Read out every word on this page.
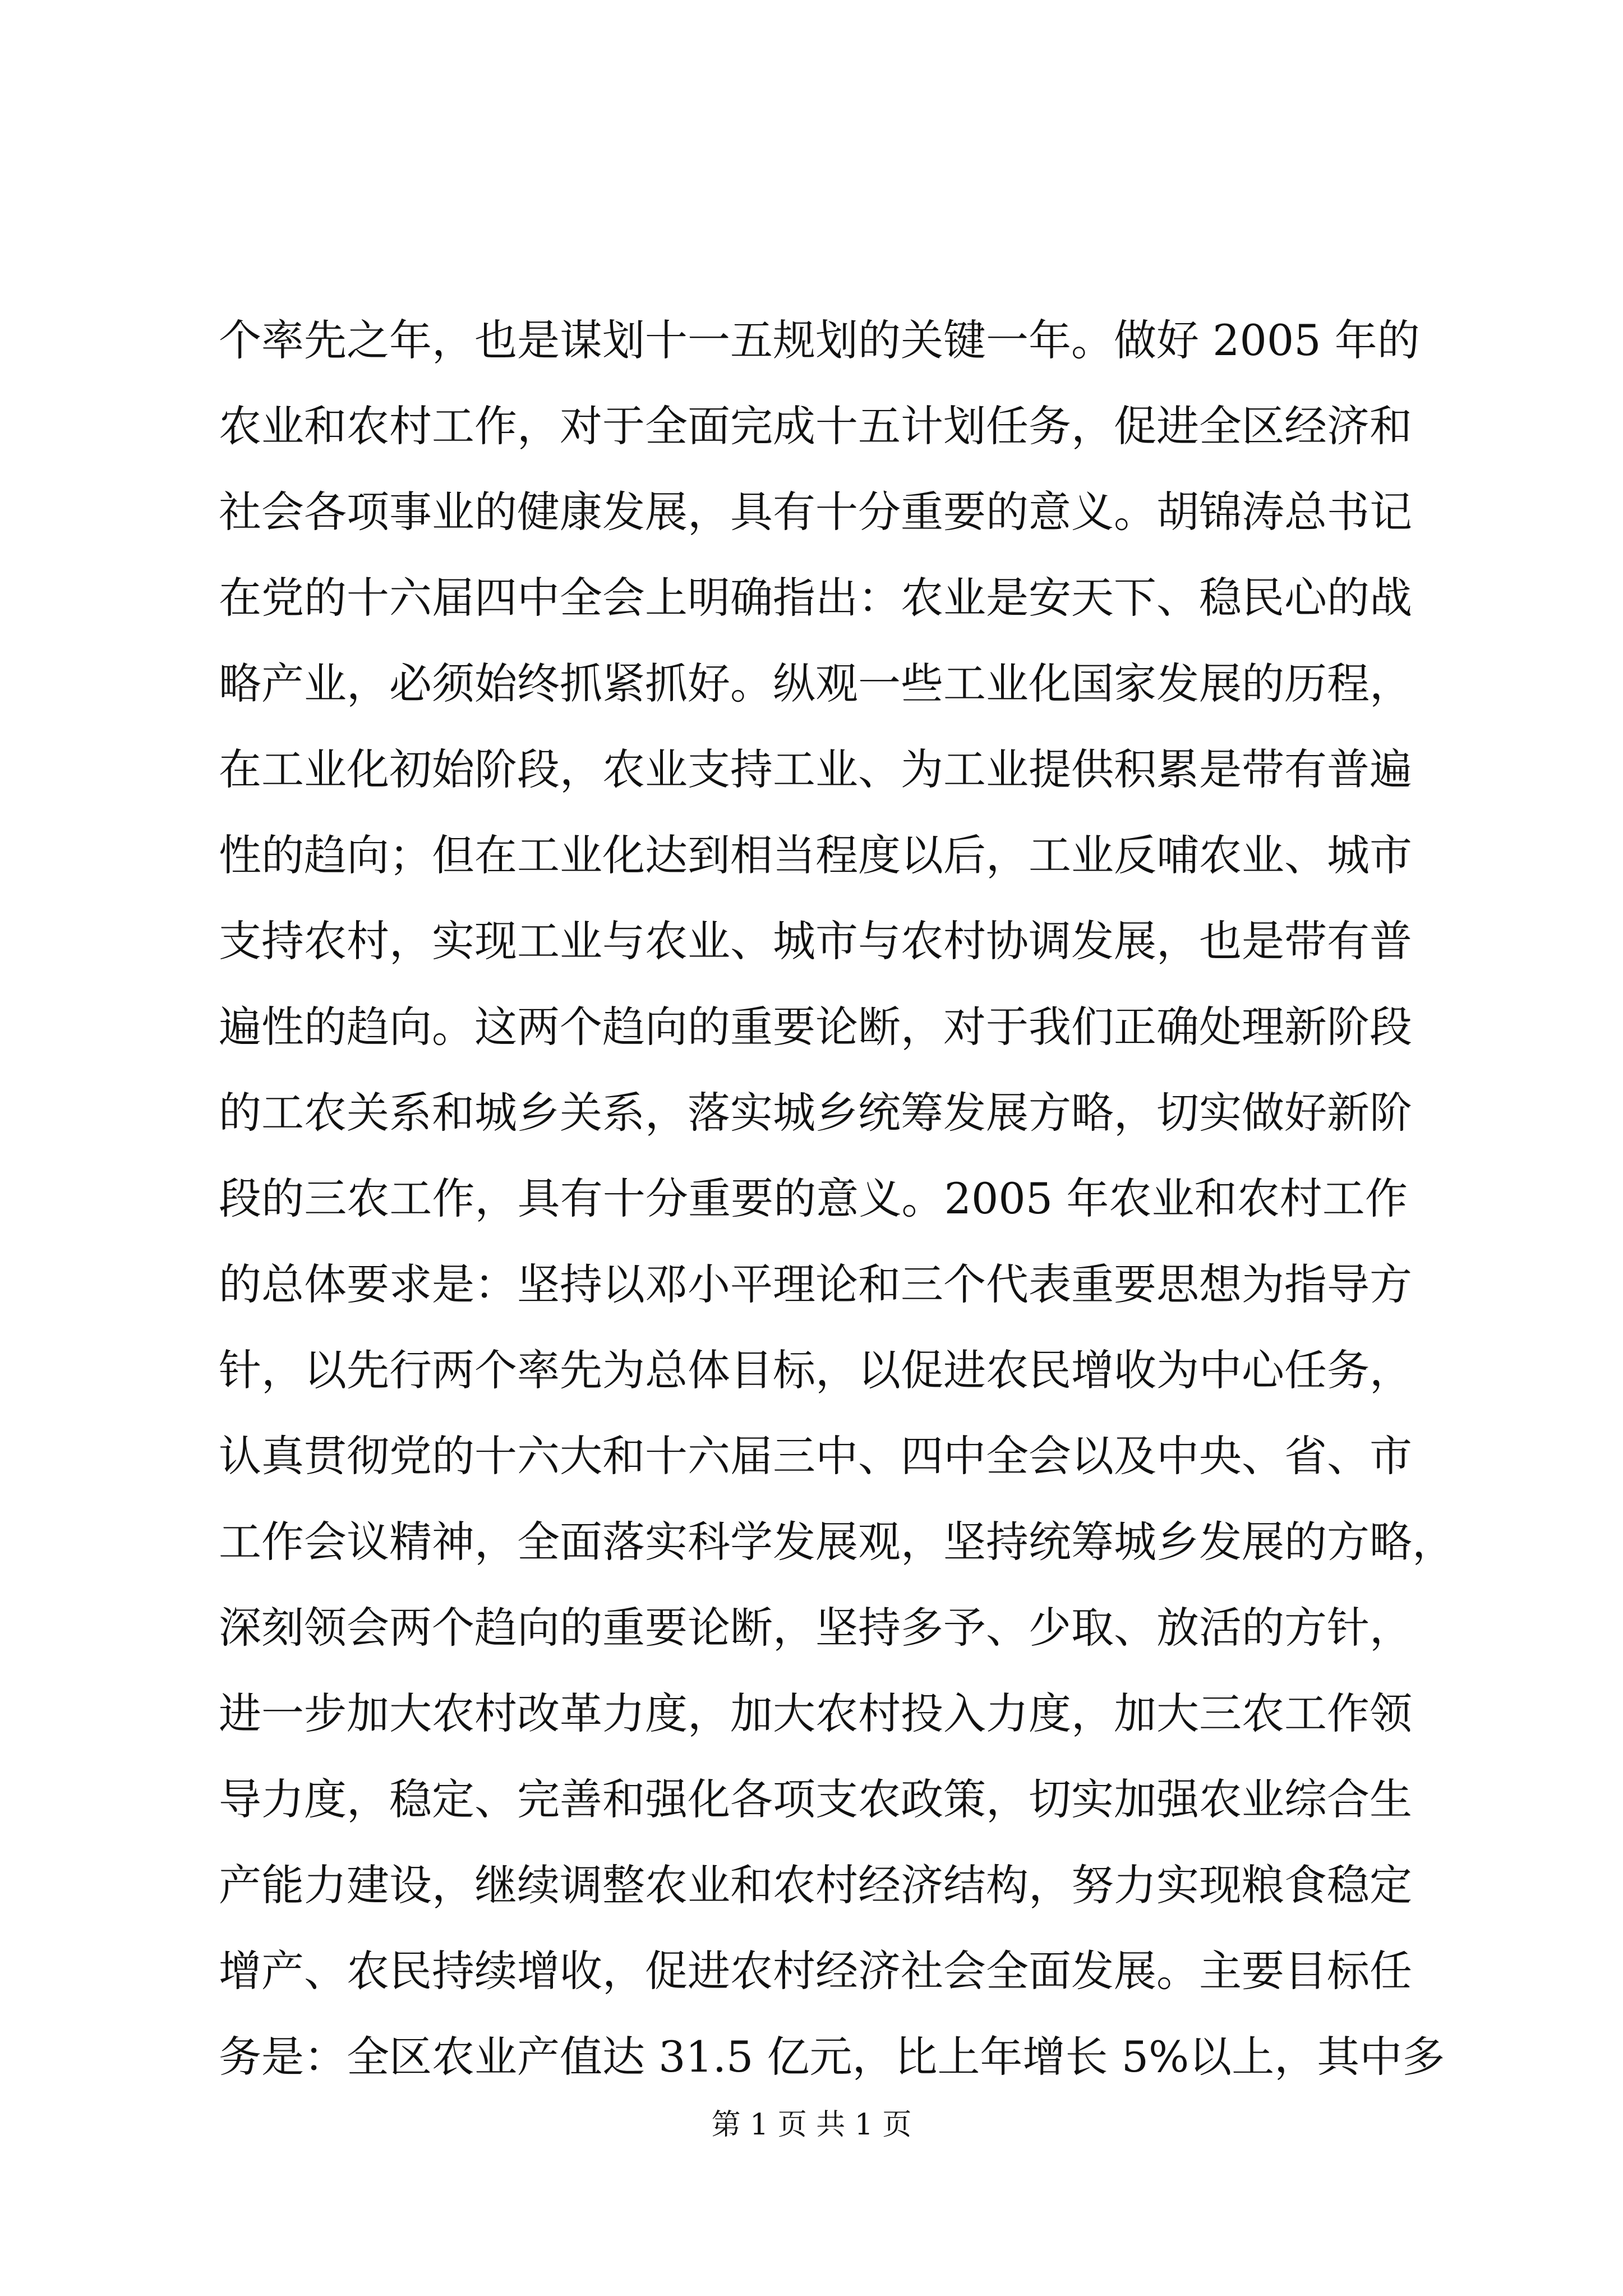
个率先之年，也是谋划十一五规划的关键一年。做好 2005 年的
农业和农村工作，对于全面完成十五计划任务，促进全区经济和
社会各项事业的健康发展，具有十分重要的意义。胡锦涛总书记
在党的十六届四中全会上明确指出：农业是安天下、稳民心的战
略产业，必须始终抓紧抓好。纵观一些工业化国家发展的历程，
在工业化初始阶段，农业支持工业、为工业提供积累是带有普遍
性的趋向；但在工业化达到相当程度以后，工业反哺农业、城市
支持农村，实现工业与农业、城市与农村协调发展，也是带有普
遍性的趋向。这两个趋向的重要论断，对于我们正确处理新阶段
的工农关系和城乡关系，落实城乡统筹发展方略，切实做好新阶
段的三农工作，具有十分重要的意义。2005 年农业和农村工作
的总体要求是：坚持以邓小平理论和三个代表重要思想为指导方
针，以先行两个率先为总体目标，以促进农民增收为中心任务，
认真贯彻党的十六大和十六届三中、四中全会以及中央、省、市
工作会议精神，全面落实科学发展观，坚持统筹城乡发展的方略，
深刻领会两个趋向的重要论断，坚持多予、少取、放活的方针，
进一步加大农村改革力度，加大农村投入力度，加大三农工作领
导力度，稳定、完善和强化各项支农政策，切实加强农业综合生
产能力建设，继续调整农业和农村经济结构，努力实现粮食稳定
增产、农民持续增收，促进农村经济社会全面发展。主要目标任
务是：全区农业产值达 31.5 亿元，比上年增长 5%以上，其中多
第 1 页 共 1 页
